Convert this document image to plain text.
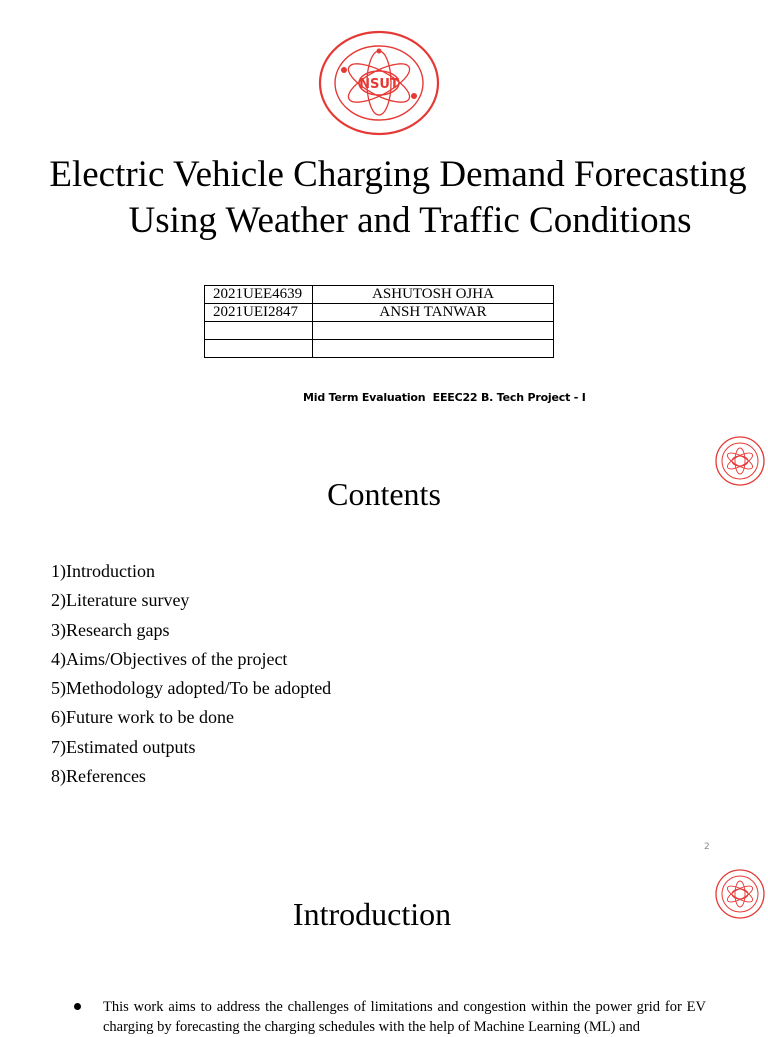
NSUT
Electric Vehicle Charging Demand Forecasting
Using Weather and Traffic Conditions
2021UEE4639	ASHUTOSH OJHA
2021UEI2847	ANSH TANWAR

Mid Term Evaluation  EEEC22 B. Tech Project - I
Contents
1)Introduction
2)Literature survey
3)Research gaps
4)Aims/Objectives of the project
5)Methodology adopted/To be adopted
6)Future work to be done
7)Estimated outputs
8)References
2
Introduction
This work aims to address the challenges of limitations and congestion within the power grid for EV charging by forecasting the charging schedules with the help of Machine Learning (ML) and
